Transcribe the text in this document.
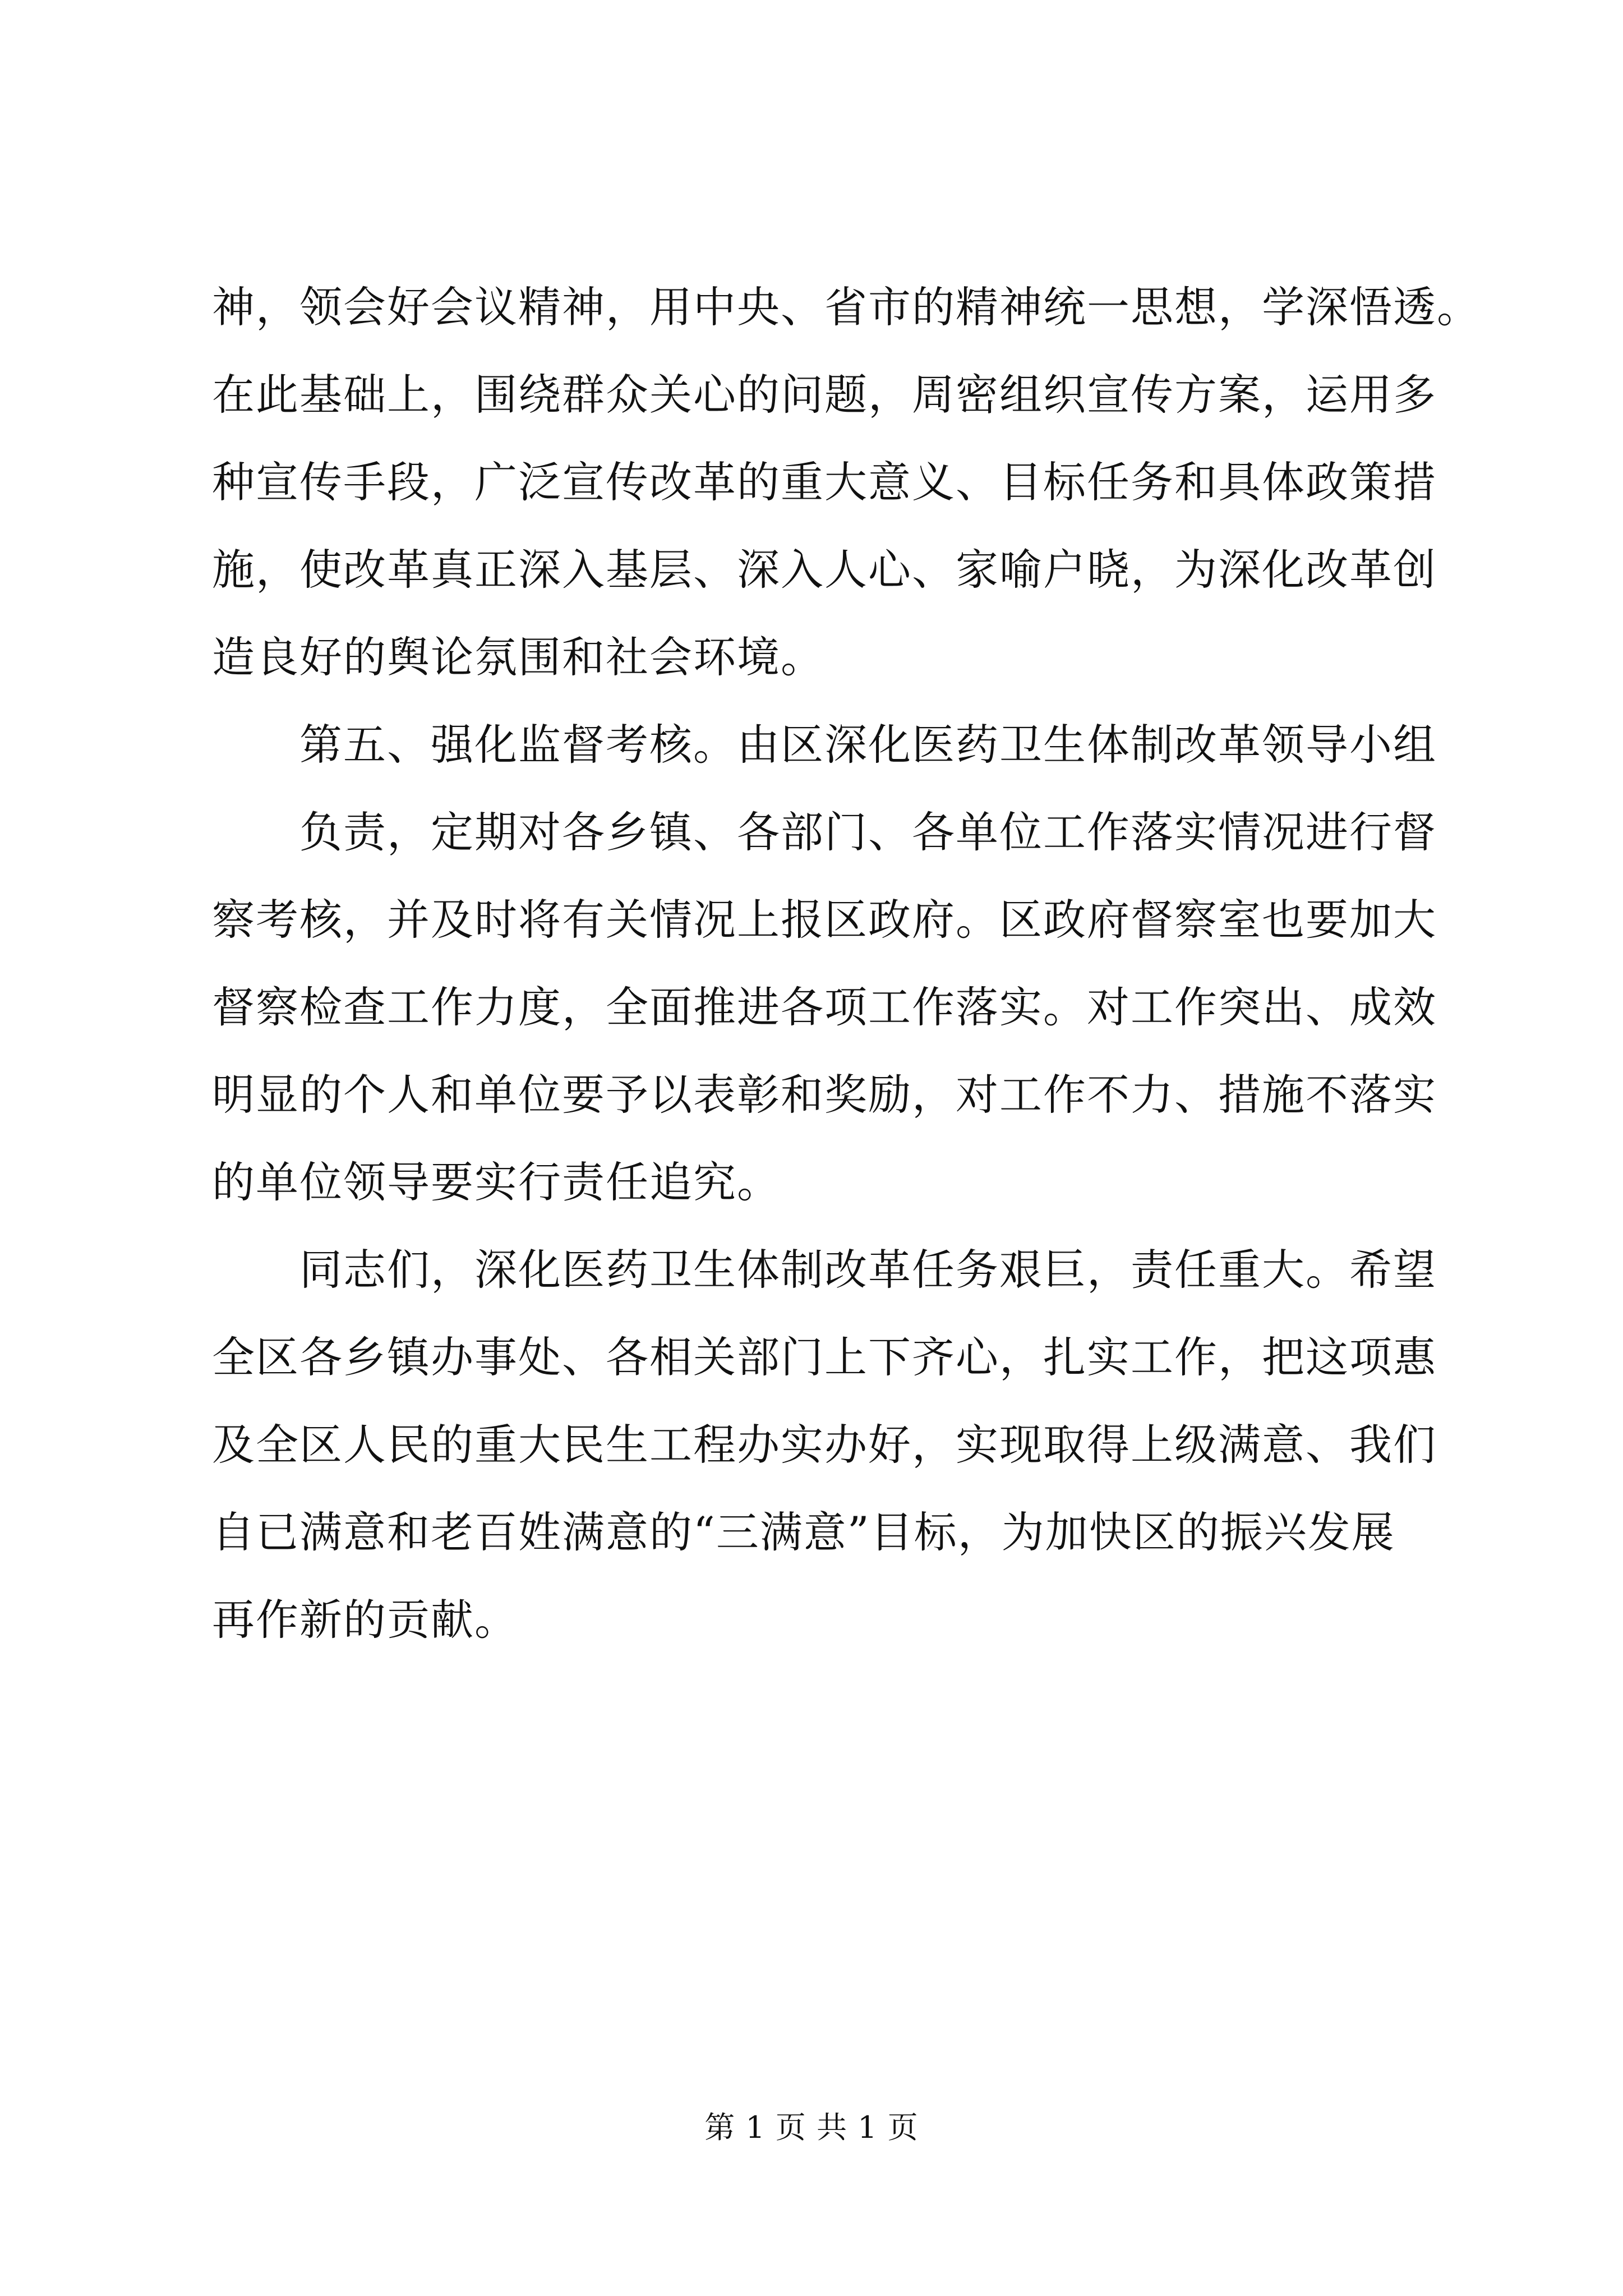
神，领会好会议精神，用中央、省市的精神统一思想，学深悟透。
在此基础上，围绕群众关心的问题，周密组织宣传方案，运用多
种宣传手段，广泛宣传改革的重大意义、目标任务和具体政策措
施，使改革真正深入基层、深入人心、家喻户晓，为深化改革创
造良好的舆论氛围和社会环境。
　　第五、强化监督考核。由区深化医药卫生体制改革领导小组
　　负责，定期对各乡镇、各部门、各单位工作落实情况进行督
察考核，并及时将有关情况上报区政府。区政府督察室也要加大
督察检查工作力度，全面推进各项工作落实。对工作突出、成效
明显的个人和单位要予以表彰和奖励，对工作不力、措施不落实
的单位领导要实行责任追究。
　　同志们，深化医药卫生体制改革任务艰巨，责任重大。希望
全区各乡镇办事处、各相关部门上下齐心，扎实工作，把这项惠
及全区人民的重大民生工程办实办好，实现取得上级满意、我们
自已满意和老百姓满意的“三满意”目标，为加快区的振兴发展
再作新的贡献。
第 1 页 共 1 页
